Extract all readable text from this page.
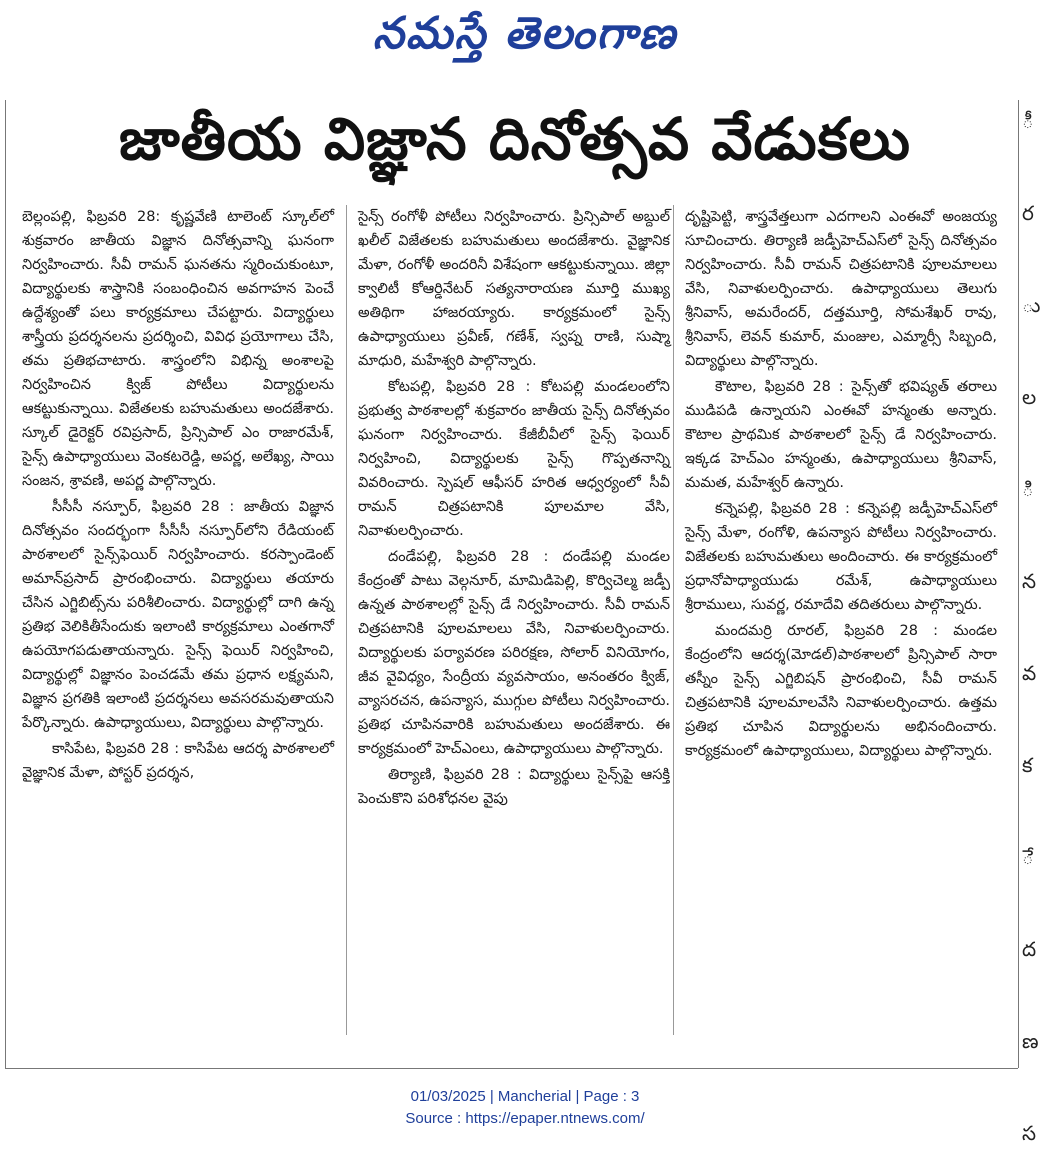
నమస్తే తెలంగాణ
ీ
ర
ు
ల
ి
న
వ
క
ే
ద
ణ
స
జాతీయ విజ్ఞాన దినోత్సవ వేడుకలు

బెల్లంపల్లి, ఫిబ్రవరి 28: కృష్ణవేణి టాలెంట్ స్కూల్‌లో శుక్రవారం జాతీయ విజ్ఞాన దినోత్సవాన్ని ఘనంగా నిర్వహించారు. సీవీ రామన్ ఘనతను స్మరించుకుంటూ, విద్యార్థులకు శాస్త్రానికి సంబంధించిన అవగాహన పెంచే ఉద్దేశ్యంతో పలు కార్యక్రమాలు చేపట్టారు. విద్యార్థులు శాస్త్రీయ ప్రదర్శనలను ప్రదర్శించి, వివిధ ప్రయోగాలు చేసి, తమ ప్రతిభచాటారు. శాస్త్రంలోని విభిన్న అంశాలపై నిర్వహించిన క్విజ్ పోటీలు విద్యార్థులను ఆకట్టుకున్నాయి. విజేతలకు బహుమతులు అందజేశారు. స్కూల్ డైరెక్టర్ రవిప్రసాద్, ప్రిన్సిపాల్ ఎం రాజారమేశ్, సైన్స్ ఉపాధ్యాయులు వెంకటరెడ్డి, అపర్ణ, అలేఖ్య, సాయి సంజన, శ్రావణి, అపర్ణ పాల్గొన్నారు.

సీసీసీ నస్పూర్, ఫిబ్రవరి 28 : జాతీయ విజ్ఞాన దినోత్సవం సందర్భంగా సీసీసీ నస్పూర్‌లోని రేడియంట్ పాఠశాలలో సైన్స్‌ఫెయిర్ నిర్వహించారు. కరస్పాండెంట్ అమాన్‌ప్రసాద్ ప్రారంభించారు. విద్యార్థులు తయారు చేసిన ఎగ్జిబిట్స్‌ను పరిశీలించారు. విద్యార్థుల్లో దాగి ఉన్న ప్రతిభ వెలికితీసేందుకు ఇలాంటి కార్యక్రమాలు ఎంతగానో ఉపయోగపడుతాయన్నారు. సైన్స్ ఫెయిర్ నిర్వహించి, విద్యార్థుల్లో విజ్ఞానం పెంచడమే తమ ప్రధాన లక్ష్యమని, విజ్ఞాన ప్రగతికి ఇలాంటి ప్రదర్శనలు అవసరమవుతాయని పేర్కొన్నారు. ఉపాధ్యాయులు, విద్యార్థులు పాల్గొన్నారు.

కాసిపేట, ఫిబ్రవరి 28 : కాసిపేట ఆదర్శ పాఠశాలలో వైజ్ఞానిక మేళా, పోస్టర్ ప్రదర్శన,

సైన్స్ రంగోళీ పోటీలు నిర్వహించారు. ప్రిన్సిపాల్ అబ్దుల్ ఖలీల్ విజేతలకు బహుమతులు అందజేశారు. వైజ్ఞానిక మేళా, రంగోళీ అందరినీ విశేషంగా ఆకట్టుకున్నాయి. జిల్లా క్వాలిటీ కోఆర్డినేటర్ సత్యనారాయణ మూర్తి ముఖ్య అతిథిగా హాజరయ్యారు. కార్యక్రమంలో సైన్స్ ఉపాధ్యాయులు ప్రవీణ్, గణేశ్, స్వప్న రాణి, సుష్మా మాధురి, మహేశ్వరి పాల్గొన్నారు.

కోటపల్లి, ఫిబ్రవరి 28 : కోటపల్లి మండలంలోని ప్రభుత్వ పాఠశాలల్లో శుక్రవారం జాతీయ సైన్స్ దినోత్సవం ఘనంగా నిర్వహించారు. కేజీబీవీలో సైన్స్ ఫెయిర్ నిర్వహించి, విద్యార్థులకు సైన్స్ గొప్పతనాన్ని వివరించారు. స్పెషల్ ఆఫీసర్ హరిత ఆధ్వర్యంలో సీవీ రామన్ చిత్రపటానికి పూలమాల వేసి, నివాళులర్పించారు.

దండేపల్లి, ఫిబ్రవరి 28 : దండేపల్లి మండల కేంద్రంతో పాటు వెల్గనూర్, మామిడిపెల్లి, కొర్విచెల్మ జడ్పీ ఉన్నత పాఠశాలల్లో సైన్స్ డే నిర్వహించారు. సీవీ రామన్ చిత్రపటానికి పూలమాలలు వేసి, నివాళులర్పించారు. విద్యార్థులకు పర్యావరణ పరిరక్షణ, సోలార్ వినియోగం, జీవ వైవిధ్యం, సేంద్రీయ వ్యవసాయం, అనంతరం క్విజ్, వ్యాసరచన, ఉపన్యాస, ముగ్గుల పోటీలు నిర్వహించారు. ప్రతిభ చూపినవారికి బహుమతులు అందజేశారు. ఈ కార్యక్రమంలో హెచ్‌ఎంలు, ఉపాధ్యాయులు పాల్గొన్నారు.

తిర్యాణి, ఫిబ్రవరి 28 : విద్యార్థులు సైన్స్‌పై ఆసక్తి పెంచుకొని పరిశోధనల వైపు

దృష్టిపెట్టి, శాస్త్రవేత్తలుగా ఎదగాలని ఎంఈవో అంజయ్య సూచించారు. తిర్యాణి జడ్పీహెచ్‌ఎస్‌లో సైన్స్ దినోత్సవం నిర్వహించారు. సీవీ రామన్ చిత్రపటానికి పూలమాలలు వేసి, నివాళులర్పించారు. ఉపాధ్యాయులు తెలుగు శ్రీనివాస్, అమరేందర్, దత్తమూర్తి, సోమశేఖర్ రావు, శ్రీనివాస్, లెవన్ కుమార్, మంజుల, ఎమ్మార్సీ సిబ్బంది, విద్యార్థులు పాల్గొన్నారు.

కౌటాల, ఫిబ్రవరి 28 : సైన్స్‌తో భవిష్యత్ తరాలు ముడిపడి ఉన్నాయని ఎంఈవో హన్మంతు అన్నారు. కౌటాల ప్రాథమిక పాఠశాలలో సైన్స్ డే నిర్వహించారు. ఇక్కడ హెచ్‌ఎం హన్మంతు, ఉపాధ్యాయులు శ్రీనివాస్, మమత, మహేశ్వర్ ఉన్నారు.

కన్నెపల్లి, ఫిబ్రవరి 28 : కన్నెపల్లి జడ్పీహెచ్‌ఎస్‌లో సైన్స్ మేళా, రంగోళి, ఉపన్యాస పోటీలు నిర్వహించారు. విజేతలకు బహుమతులు అందించారు. ఈ కార్యక్రమంలో ప్రధానోపాధ్యాయుడు రమేశ్, ఉపాధ్యాయులు శ్రీరాములు, సువర్ణ, రమాదేవి తదితరులు పాల్గొన్నారు.

మందమర్రి రూరల్, ఫిబ్రవరి 28 : మండల కేంద్రంలోని ఆదర్శ(మోడల్)పాఠశాలలో ప్రిన్సిపాల్ సారా తస్నీం సైన్స్ ఎగ్జిబిషన్ ప్రారంభించి, సీవీ రామన్ చిత్రపటానికి పూలమాలవేసి నివాళులర్పించారు. ఉత్తమ ప్రతిభ చూపిన విద్యార్థులను అభినందించారు. కార్యక్రమంలో ఉపాధ్యాయులు, విద్యార్థులు పాల్గొన్నారు.

01/03/2025 | Mancherial | Page : 3
Source : https://epaper.ntnews.com/
